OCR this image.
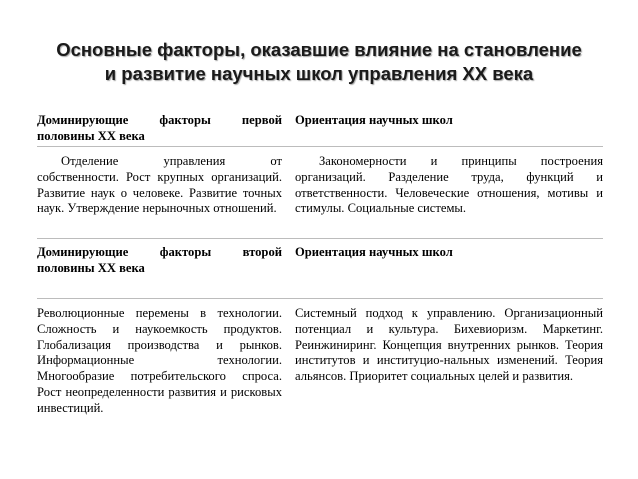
Основные факторы, оказавшие влияние на становление
и развитие научных школ управления XX века
Доминирующие факторы первой половины XX века
Ориентация научных школ
Отделение управления от собственности. Рост крупных организаций. Развитие наук о человеке. Развитие точных наук. Утверждение нерыночных отношений.
Закономерности и принципы построения организаций. Разделение труда, функций и ответственности. Человеческие отношения, мотивы и стимулы. Социальные системы.
Доминирующие факторы второй половины XX века
Ориентация научных школ
Революционные перемены в технологии. Сложность и наукоемкость продуктов. Глобализация производства и рынков. Информационные технологии. Многообразие потребительского спроса. Рост неопределенности развития и рисковых инвестиций.
Системный подход к управлению. Организационный потенциал и культура. Бихевиоризм. Маркетинг. Реинжиниринг. Концепция внутренних рынков. Теория институтов и институцио-нальных изменений. Теория альянсов. Приоритет социальных целей и развития.
